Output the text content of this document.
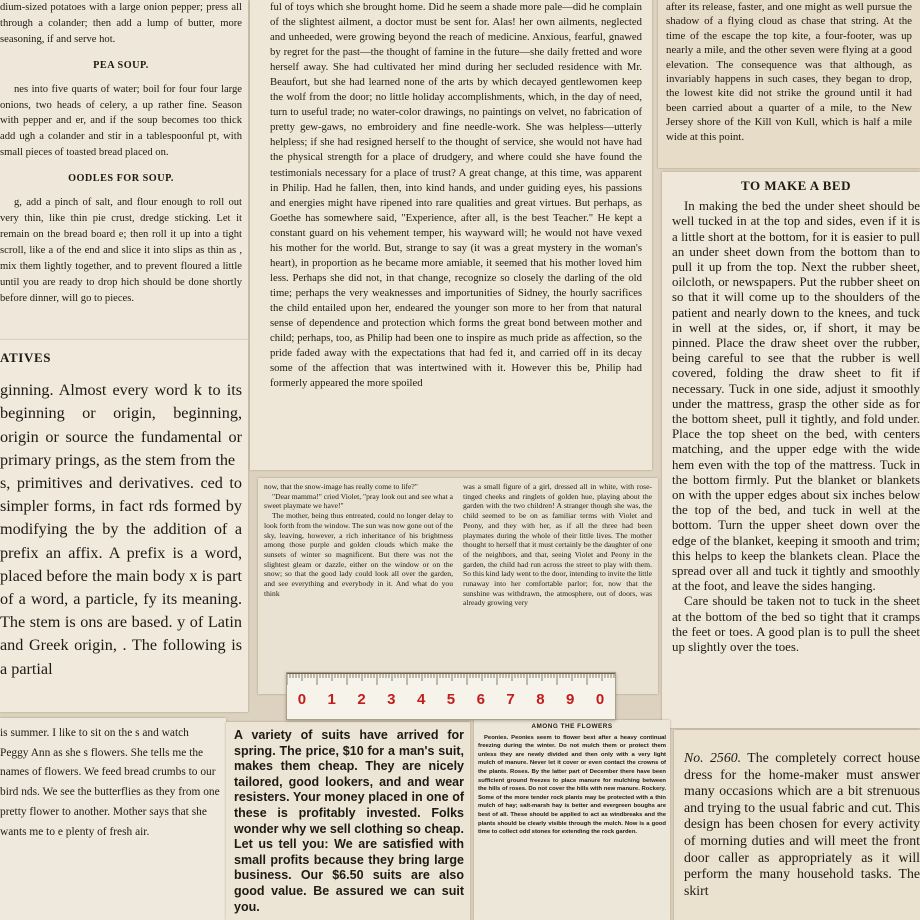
dium-sized potatoes with a large onion pepper; press all through a colander; then add a lump of butter, more seasoning, if and serve hot.

PEA SOUP.

nes into five quarts of water; boil for four four large onions, two heads of celery, a up rather fine. Season with pepper and er, and if the soup becomes too thick add ugh a colander and stir in a tablespoonful pt, with small pieces of toasted bread placed on.

OODLES FOR SOUP.

g, add a pinch of salt, and flour enough to roll out very thin, like thin pie crust, dredge sticking. Let it remain on the bread board e; then roll it up into a tight scroll, like a of the end and slice it into slips as thin as , mix them lightly together, and to prevent floured a little until you are ready to drop hich should be done shortly before dinner, will go to pieces.

ATIVES

ginning. Almost every word k to its beginning or origin, beginning, origin or source the fundamental or primary prings, as the stem from the

s, primitives and derivatives. ced to simpler forms, in fact rds formed by modifying the by the addition of a prefix an affix. A prefix is a word, placed before the main body x is part of a word, a particle, fy its meaning. The stem is ons are based. y of Latin and Greek origin, . The following is a partial

ful of toys which she brought home. Did he seem a shade more pale—did he complain of the slightest ailment, a doctor must be sent for. Alas! her own ailments, neglected and unheeded, were growing beyond the reach of medicine. Anxious, fearful, gnawed by regret for the past—the thought of famine in the future—she daily fretted and wore herself away. She had cultivated her mind during her secluded residence with Mr. Beaufort, but she had learned none of the arts by which decayed gentlewomen keep the wolf from the door; no little holiday accomplishments, which, in the day of need, turn to useful trade; no water-color drawings, no paintings on velvet, no fabrication of pretty gew-gaws, no embroidery and fine needle-work. She was helpless—utterly helpless; if she had resigned herself to the thought of service, she would not have had the physical strength for a place of drudgery, and where could she have found the testimonials necessary for a place of trust? A great change, at this time, was apparent in Philip. Had he fallen, then, into kind hands, and under guiding eyes, his passions and energies might have ripened into rare qualities and great virtues. But perhaps, as Goethe has somewhere said, "Experience, after all, is the best Teacher." He kept a constant guard on his vehement temper, his wayward will; he would not have vexed his mother for the world. But, strange to say (it was a great mystery in the woman's heart), in proportion as he became more amiable, it seemed that his mother loved him less. Perhaps she did not, in that change, recognize so closely the darling of the old time; perhaps the very weaknesses and importunities of Sidney, the hourly sacrifices the child entailed upon her, endeared the younger son more to her from that natural sense of dependence and protection which forms the great bond between mother and child; perhaps, too, as Philip had been one to inspire as much pride as affection, so the pride faded away with the expectations that had fed it, and carried off in its decay some of the affection that was intertwined with it. However this be, Philip had formerly appeared the more spoiled

now, that the snow-image has really come to life?"

"Dear mamma!" cried Violet, "pray look out and see what a sweet playmate we have!"

The mother, being thus entreated, could no longer delay to look forth from the window. The sun was now gone out of the sky, leaving, however, a rich inheritance of his brightness among those purple and golden clouds which make the sunsets of winter so magnificent. But there was not the slightest gleam or dazzle, either on the window or on the snow; so that the good lady could look all over the garden, and see everything and everybody in it. And what do you think

was a small figure of a girl, dressed all in white, with rose-tinged cheeks and ringlets of golden hue, playing about the garden with the two children! A stranger though she was, the child seemed to be on as familiar terms with Violet and Peony, and they with her, as if all the three had been playmates during the whole of their little lives. The mother thought to herself that it must certainly be the daughter of one of the neighbors, and that, seeing Violet and Peony in the garden, the child had run across the street to play with them. So this kind lady went to the door, intending to invite the little runaway into her comfortable parlor; for, now that the sunshine was withdrawn, the atmosphere, out of doors, was already growing very

0	1	2	3	4	5	6	7	8	9	0

after its release, faster, and one might as well pursue the shadow of a flying cloud as chase that string. At the time of the escape the top kite, a four-footer, was up nearly a mile, and the other seven were flying at a good elevation. The consequence was that although, as invariably happens in such cases, they began to drop, the lowest kite did not strike the ground until it had been carried about a quarter of a mile, to the New Jersey shore of the Kill von Kull, which is half a mile wide at this point.

TO MAKE A BED

In making the bed the under sheet should be well tucked in at the top and sides, even if it is a little short at the bottom, for it is easier to pull an under sheet down from the bottom than to pull it up from the top. Next the rubber sheet, oilcloth, or newspapers. Put the rubber sheet on so that it will come up to the shoulders of the patient and nearly down to the knees, and tuck in well at the sides, or, if short, it may be pinned. Place the draw sheet over the rubber, being careful to see that the rubber is well covered, folding the draw sheet to fit if necessary. Tuck in one side, adjust it smoothly under the mattress, grasp the other side as for the bottom sheet, pull it tightly, and fold under. Place the top sheet on the bed, with centers matching, and the upper edge with the wide hem even with the top of the mattress. Tuck in the bottom firmly. Put the blanket or blankets on with the upper edges about six inches below the top of the bed, and tuck in well at the bottom. Turn the upper sheet down over the edge of the blanket, keeping it smooth and trim; this helps to keep the blankets clean. Place the spread over all and tuck it tightly and smoothly at the foot, and leave the sides hanging.

Care should be taken not to tuck in the sheet at the bottom of the bed so tight that it cramps the feet or toes. A good plan is to pull the sheet up slightly over the toes.

is summer. I like to sit on the s and watch Peggy Ann as she s flowers. She tells me the names of flowers. We feed bread crumbs to our bird nds. We see the butterflies as they from one pretty flower to another. Mother says that she wants me to e plenty of fresh air.

A variety of suits have arrived for spring. The price, $10 for a man's suit, makes them cheap. They are nicely tailored, good lookers, and and wear resisters. Your money placed in one of these is profitably invested. Folks wonder why we sell clothing so cheap. Let us tell you: We are satisfied with small profits because they bring large business. Our $6.50 suits are also good value. Be assured we can suit you.

AMONG THE FLOWERS

Peonies. Peonies seem to flower best after a heavy continual freezing during the winter. Do not mulch them or protect them unless they are newly divided and then only with a very light mulch of manure. Never let it cover or even contact the crowns of the plants. Roses. By the latter part of December there have been sufficient ground freezes to place manure for mulching between the hills of roses. Do not cover the hills with new manure. Rockery. Some of the more tender rock plants may be protected with a thin mulch of hay; salt-marsh hay is better and evergreen boughs are best of all. These should be applied to act as windbreaks and the plants should be clearly visible through the mulch. Now is a good time to collect odd stones for extending the rock garden.

No. 2560. The completely correct house dress for the home-maker must answer many occasions which are a bit strenuous and trying to the usual fabric and cut. This design has been chosen for every activity of morning duties and will meet the front door caller as appropriately as it will perform the many household tasks. The skirt
